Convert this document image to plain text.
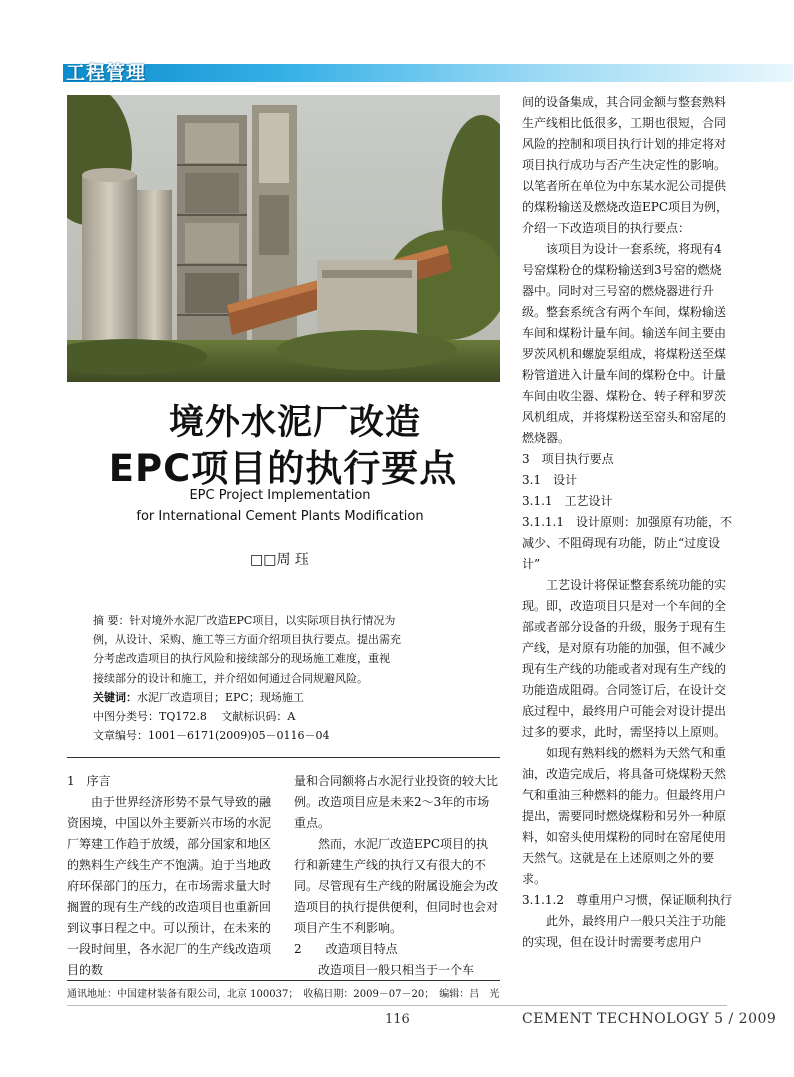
工程管理
境外水泥厂改造
EPC项目的执行要点
EPC Project Implementation
for International Cement Plants Modification
□□周 珏
摘 要：针对境外水泥厂改造EPC项目，以实际项目执行情况为
例，从设计、采购、施工等三方面介绍项目执行要点。提出需充
分考虑改造项目的执行风险和接续部分的现场施工难度，重视
接续部分的设计和施工，并介绍如何通过合同规避风险。
关键词：水泥厂改造项目；EPC；现场施工
中图分类号：TQ172.8　 文献标识码：A
文章编号：1001－6171(2009)05－0116－04

1　序言

由于世界经济形势不景气导致的融资困境，中国以外主要新兴市场的水泥厂筹建工作趋于放缓，部分国家和地区的熟料生产线生产不饱满。迫于当地政府环保部门的压力，在市场需求量大时搁置的现有生产线的改造项目也重新回到议事日程之中。可以预计，在未来的一段时间里，各水泥厂的生产线改造项目的数

量和合同额将占水泥行业投资的较大比例。改造项目应是未来2～3年的市场重点。

然而，水泥厂改造EPC项目的执行和新建生产线的执行又有很大的不同。尽管现有生产线的附属设施会为改造项目的执行提供便利，但同时也会对项目产生不利影响。

2　　改造项目特点

改造项目一般只相当于一个车

间的设备集成，其合同金额与整套熟料生产线相比低很多，工期也很短，合同风险的控制和项目执行计划的排定将对项目执行成功与否产生决定性的影响。以笔者所在单位为中东某水泥公司提供的煤粉输送及燃烧改造EPC项目为例，介绍一下改造项目的执行要点：

该项目为设计一套系统，将现有4号窑煤粉仓的煤粉输送到3号窑的燃烧器中。同时对三号窑的燃烧器进行升级。整套系统含有两个车间，煤粉输送车间和煤粉计量车间。输送车间主要由罗茨风机和螺旋泵组成，将煤粉送至煤粉管道进入计量车间的煤粉仓中。计量车间由收尘器、煤粉仓、转子秤和罗茨风机组成，并将煤粉送至窑头和窑尾的燃烧器。

3　项目执行要点

3.1　设计

3.1.1　工艺设计

3.1.1.1　设计原则：加强原有功能，不减少、不阻碍现有功能，防止“过度设计”

工艺设计将保证整套系统功能的实现。即，改造项目只是对一个车间的全部或者部分设备的升级，服务于现有生产线，是对原有功能的加强，但不减少现有生产线的功能或者对现有生产线的功能造成阻碍。合同签订后，在设计交底过程中，最终用户可能会对设计提出过多的要求，此时，需坚持以上原则。

如现有熟料线的燃料为天然气和重油，改造完成后，将具备可烧煤粉天然气和重油三种燃料的能力。但最终用户提出，需要同时燃烧煤粉和另外一种原料，如窑头使用煤粉的同时在窑尾使用天然气。这就是在上述原则之外的要求。

3.1.1.2　尊重用户习惯，保证顺利执行

此外，最终用户一般只关注于功能的实现，但在设计时需要考虑用户

通讯地址：中国建材装备有限公司，北京 100037；　收稿日期：2009－07－20；　编辑：吕　光
116	CEMENT TECHNOLOGY 5 / 2009
